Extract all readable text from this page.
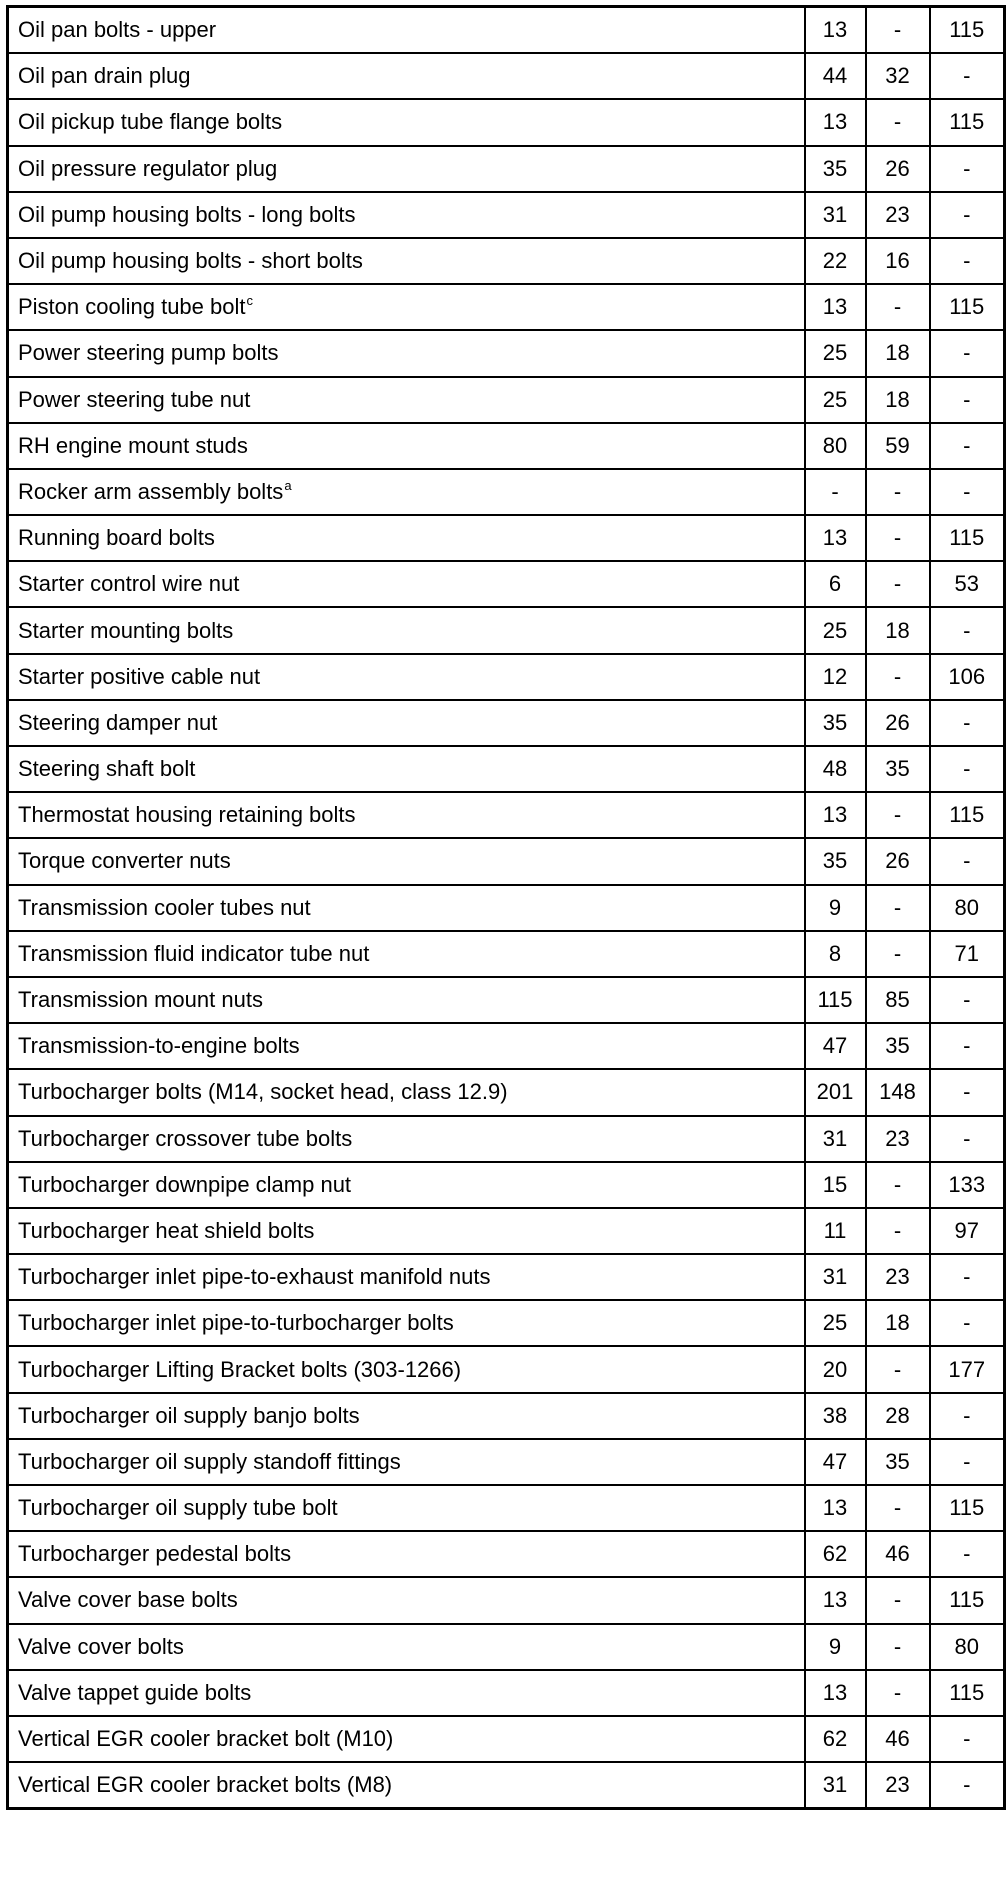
Oil pan bolts - upper	13	-	115
Oil pan drain plug	44	32	-
Oil pickup tube flange bolts	13	-	115
Oil pressure regulator plug	35	26	-
Oil pump housing bolts - long bolts	31	23	-
Oil pump housing bolts - short bolts	22	16	-
Piston cooling tube bolt$^c$	13	-	115
Power steering pump bolts	25	18	-
Power steering tube nut	25	18	-
RH engine mount studs	80	59	-
Rocker arm assembly bolts$^a$	-	-	-
Running board bolts	13	-	115
Starter control wire nut	6	-	53
Starter mounting bolts	25	18	-
Starter positive cable nut	12	-	106
Steering damper nut	35	26	-
Steering shaft bolt	48	35	-
Thermostat housing retaining bolts	13	-	115
Torque converter nuts	35	26	-
Transmission cooler tubes nut	9	-	80
Transmission fluid indicator tube nut	8	-	71
Transmission mount nuts	115	85	-
Transmission-to-engine bolts	47	35	-
Turbocharger bolts (M14, socket head, class 12.9)	201	148	-
Turbocharger crossover tube bolts	31	23	-
Turbocharger downpipe clamp nut	15	-	133
Turbocharger heat shield bolts	11	-	97
Turbocharger inlet pipe-to-exhaust manifold nuts	31	23	-
Turbocharger inlet pipe-to-turbocharger bolts	25	18	-
Turbocharger Lifting Bracket bolts (303-1266)	20	-	177
Turbocharger oil supply banjo bolts	38	28	-
Turbocharger oil supply standoff fittings	47	35	-
Turbocharger oil supply tube bolt	13	-	115
Turbocharger pedestal bolts	62	46	-
Valve cover base bolts	13	-	115
Valve cover bolts	9	-	80
Valve tappet guide bolts	13	-	115
Vertical EGR cooler bracket bolt (M10)	62	46	-
Vertical EGR cooler bracket bolts (M8)	31	23	-
